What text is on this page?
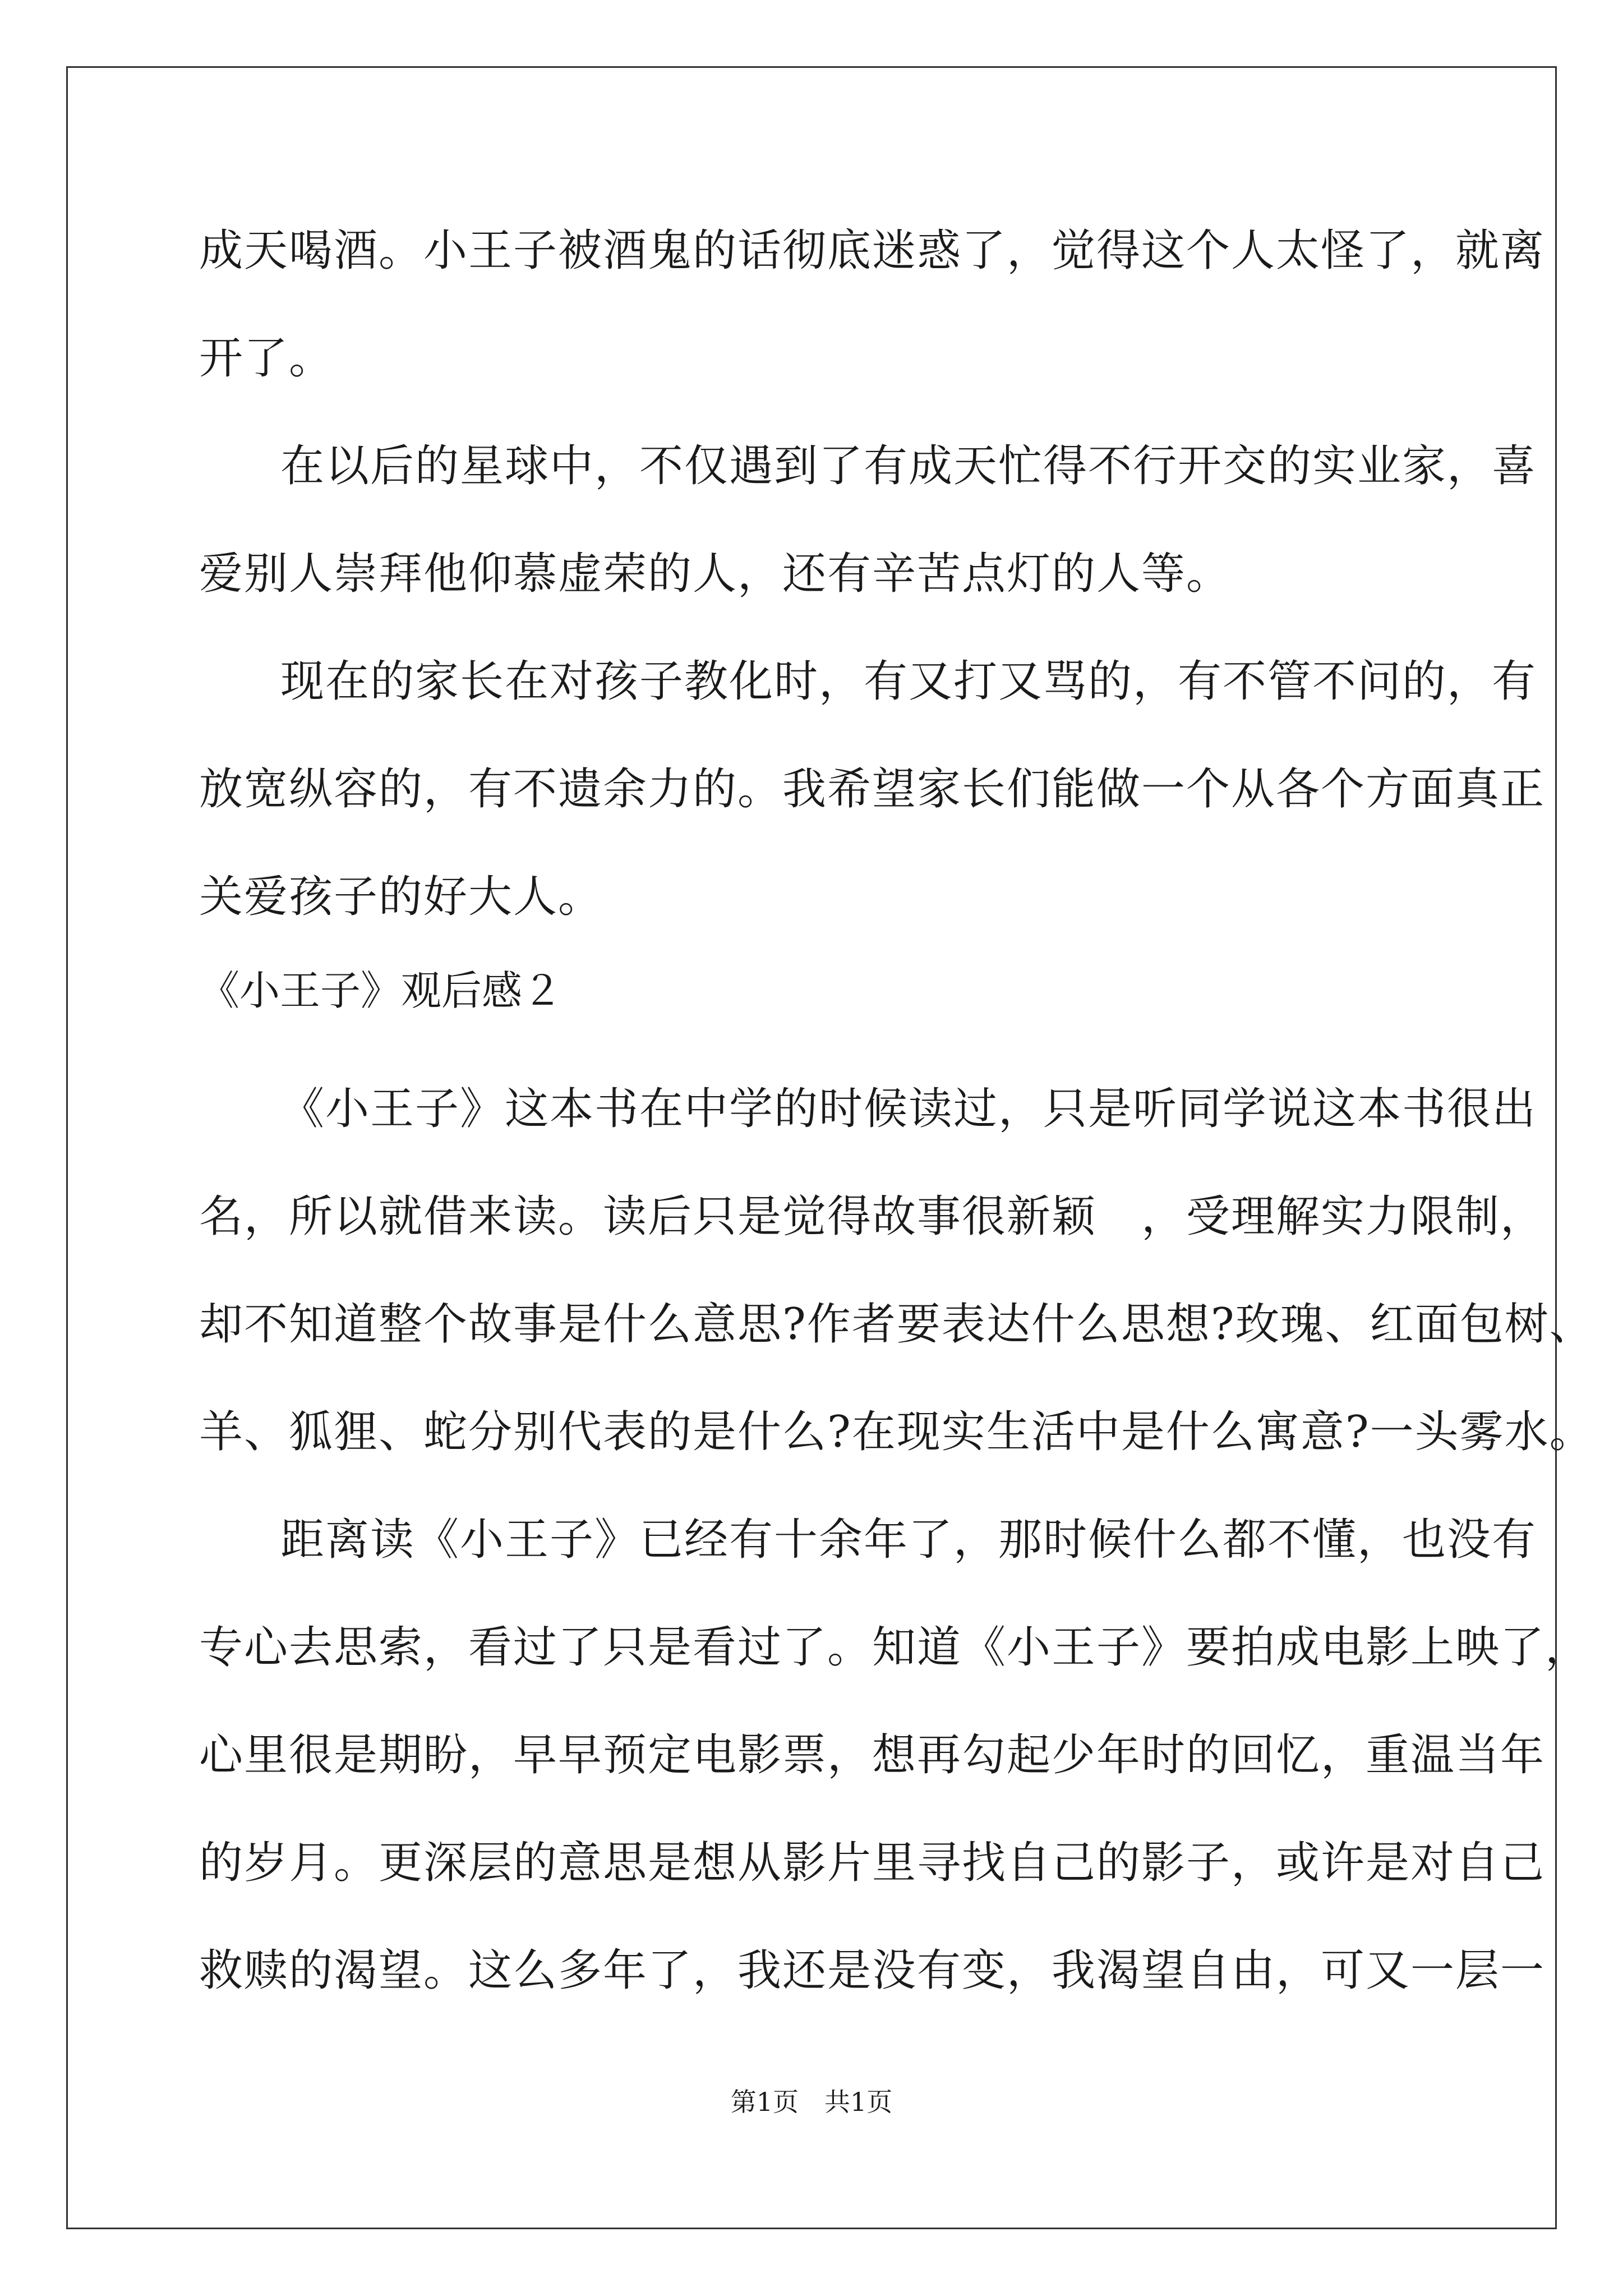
成天喝酒。小王子被酒鬼的话彻底迷惑了，觉得这个人太怪了，就离
开了。
在以后的星球中，不仅遇到了有成天忙得不行开交的实业家，喜
爱别人崇拜他仰慕虚荣的人，还有辛苦点灯的人等。
现在的家长在对孩子教化时，有又打又骂的，有不管不问的，有
放宽纵容的，有不遗余力的。我希望家长们能做一个从各个方面真正
关爱孩子的好大人。
《小王子》观后感２
《小王子》这本书在中学的时候读过，只是听同学说这本书很出
名，所以就借来读。读后只是觉得故事很新颖　，受理解实力限制，
却不知道整个故事是什么意思?作者要表达什么思想?玫瑰、红面包树、
羊、狐狸、蛇分别代表的是什么?在现实生活中是什么寓意?一头雾水。
距离读《小王子》已经有十余年了，那时候什么都不懂，也没有
专心去思索，看过了只是看过了。知道《小王子》要拍成电影上映了，
心里很是期盼，早早预定电影票，想再勾起少年时的回忆，重温当年
的岁月。更深层的意思是想从影片里寻找自己的影子，或许是对自己
救赎的渴望。这么多年了，我还是没有变，我渴望自由，可又一层一
第1页　共1页
